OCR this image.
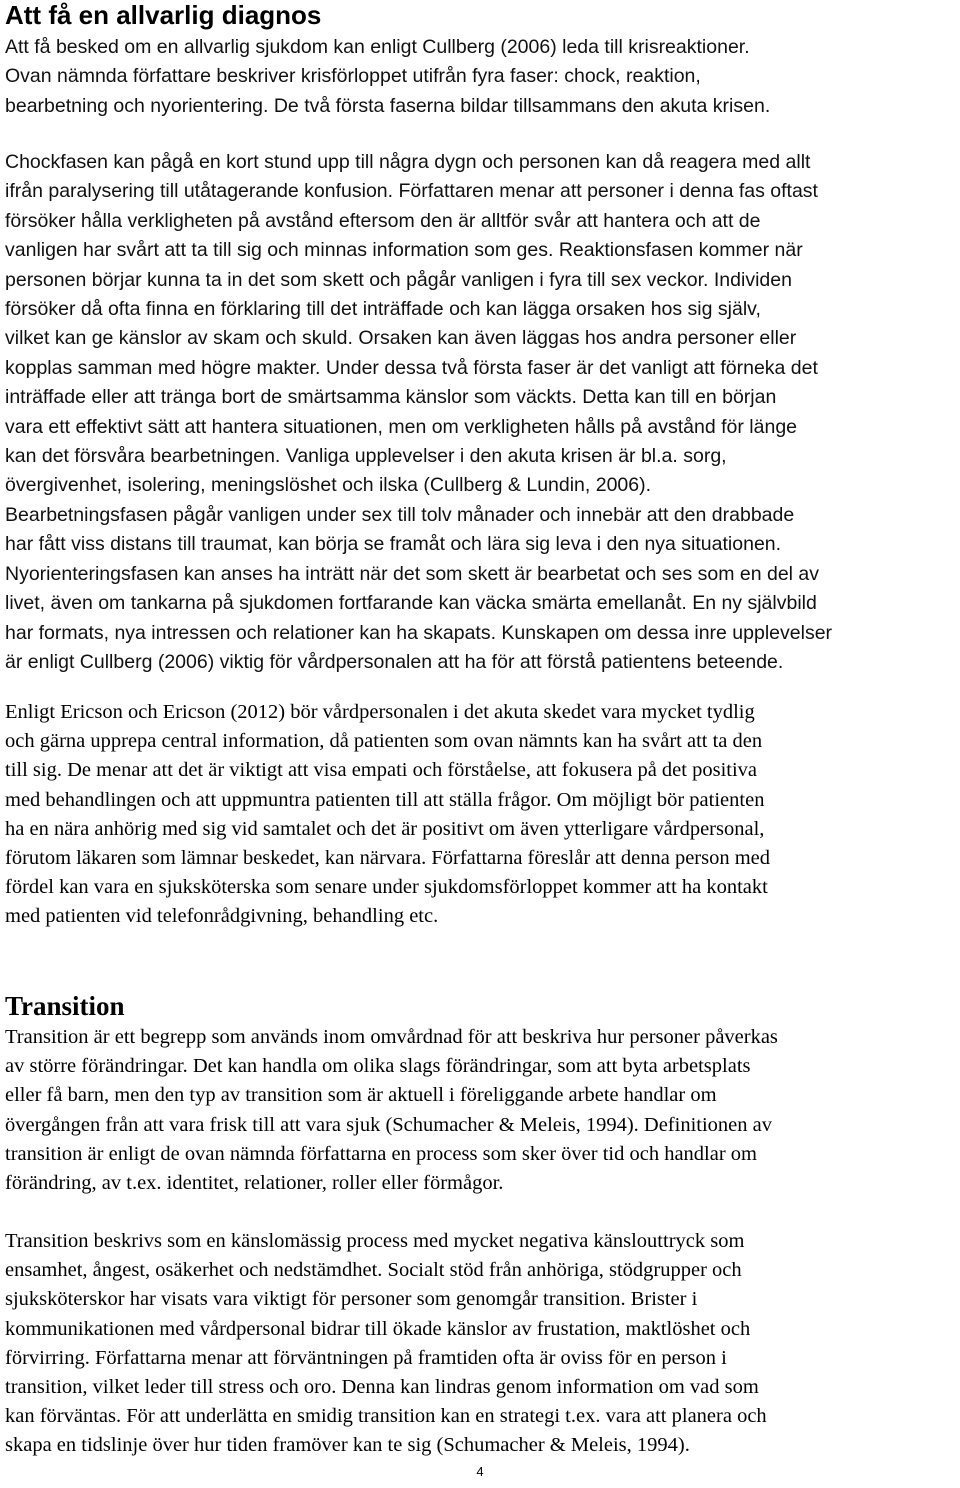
Att få en allvarlig diagnos

Att få besked om en allvarlig sjukdom kan enligt Cullberg (2006) leda till krisreaktioner.
Ovan nämnda författare beskriver krisförloppet utifrån fyra faser: chock, reaktion,
bearbetning och nyorientering. De två första faserna bildar tillsammans den akuta krisen.

Chockfasen kan pågå en kort stund upp till några dygn och personen kan då reagera med allt
ifrån paralysering till utåtagerande konfusion. Författaren menar att personer i denna fas oftast
försöker hålla verkligheten på avstånd eftersom den är alltför svår att hantera och att de
vanligen har svårt att ta till sig och minnas information som ges. Reaktionsfasen kommer när
personen börjar kunna ta in det som skett och pågår vanligen i fyra till sex veckor. Individen
försöker då ofta finna en förklaring till det inträffade och kan lägga orsaken hos sig själv,
vilket kan ge känslor av skam och skuld. Orsaken kan även läggas hos andra personer eller
kopplas samman med högre makter. Under dessa två första faser är det vanligt att förneka det
inträffade eller att tränga bort de smärtsamma känslor som väckts. Detta kan till en början
vara ett effektivt sätt att hantera situationen, men om verkligheten hålls på avstånd för länge
kan det försvåra bearbetningen. Vanliga upplevelser i den akuta krisen är bl.a. sorg,
övergivenhet, isolering, meningslöshet och ilska (Cullberg & Lundin, 2006).
Bearbetningsfasen pågår vanligen under sex till tolv månader och innebär att den drabbade
har fått viss distans till traumat, kan börja se framåt och lära sig leva i den nya situationen.
Nyorienteringsfasen kan anses ha inträtt när det som skett är bearbetat och ses som en del av
livet, även om tankarna på sjukdomen fortfarande kan väcka smärta emellanåt. En ny självbild
har formats, nya intressen och relationer kan ha skapats. Kunskapen om dessa inre upplevelser
är enligt Cullberg (2006) viktig för vårdpersonalen att ha för att förstå patientens beteende.

Enligt Ericson och Ericson (2012) bör vårdpersonalen i det akuta skedet vara mycket tydlig
och gärna upprepa central information, då patienten som ovan nämnts kan ha svårt att ta den
till sig. De menar att det är viktigt att visa empati och förståelse, att fokusera på det positiva
med behandlingen och att uppmuntra patienten till att ställa frågor. Om möjligt bör patienten
ha en nära anhörig med sig vid samtalet och det är positivt om även ytterligare vårdpersonal,
förutom läkaren som lämnar beskedet, kan närvara. Författarna föreslår att denna person med
fördel kan vara en sjuksköterska som senare under sjukdomsförloppet kommer att ha kontakt
med patienten vid telefonrådgivning, behandling etc.

Transition

Transition är ett begrepp som används inom omvårdnad för att beskriva hur personer påverkas
av större förändringar. Det kan handla om olika slags förändringar, som att byta arbetsplats
eller få barn, men den typ av transition som är aktuell i föreliggande arbete handlar om
övergången från att vara frisk till att vara sjuk (Schumacher & Meleis, 1994). Definitionen av
transition är enligt de ovan nämnda författarna en process som sker över tid och handlar om
förändring, av t.ex. identitet, relationer, roller eller förmågor.

Transition beskrivs som en känslomässig process med mycket negativa känslouttryck som
ensamhet, ångest, osäkerhet och nedstämdhet. Socialt stöd från anhöriga, stödgrupper och
sjuksköterskor har visats vara viktigt för personer som genomgår transition. Brister i
kommunikationen med vårdpersonal bidrar till ökade känslor av frustation, maktlöshet och
förvirring. Författarna menar att förväntningen på framtiden ofta är oviss för en person i
transition, vilket leder till stress och oro. Denna kan lindras genom information om vad som
kan förväntas. För att underlätta en smidig transition kan en strategi t.ex. vara att planera och
skapa en tidslinje över hur tiden framöver kan te sig (Schumacher & Meleis, 1994).

4
